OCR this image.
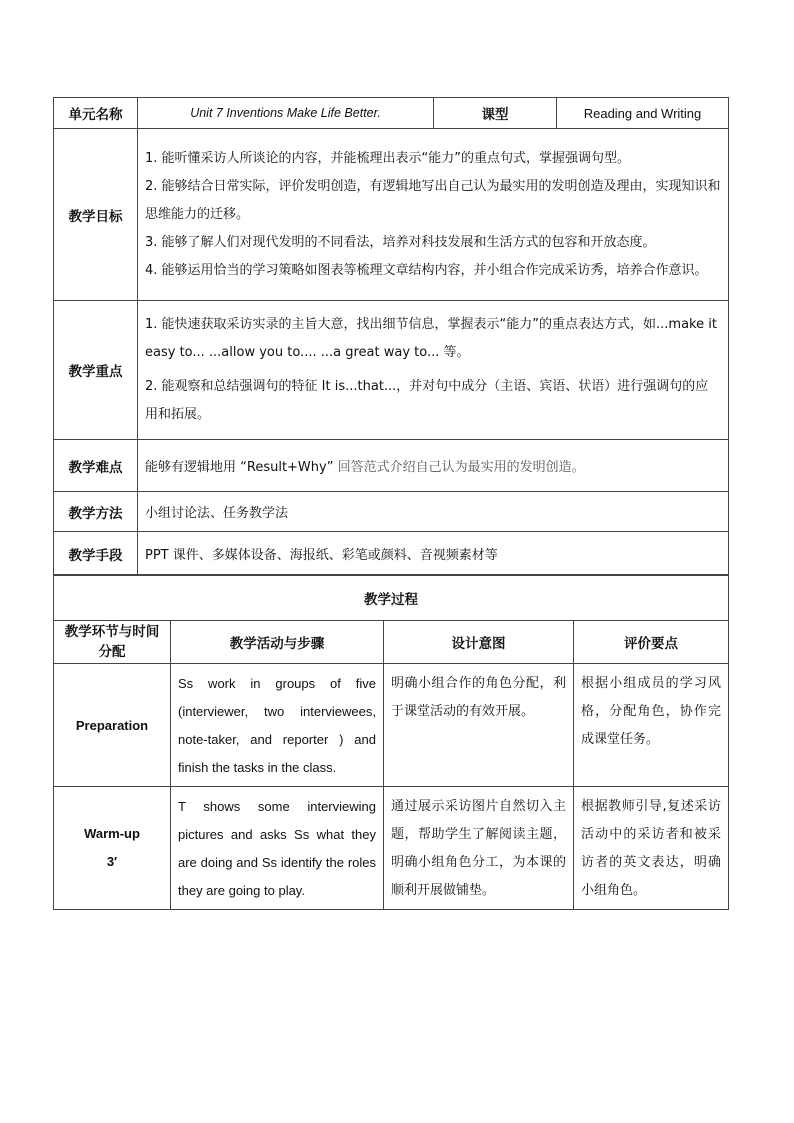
单元名称	Unit 7 Inventions Make Life Better.	课型	Reading and Writing
教学目标	1. 能听懂采访人所谈论的内容，并能梳理出表示“能力”的重点句式，掌握强调句型。
2. 能够结合日常实际，评价发明创造，有逻辑地写出自己认为最实用的发明创造及理由，实现知识和思维能力的迁移。
3. 能够了解人们对现代发明的不同看法，培养对科技发展和生活方式的包容和开放态度。
4. 能够运用恰当的学习策略如图表等梳理文章结构内容，并小组合作完成采访秀，培养合作意识。		

教学重点	1. 能快速获取采访实录的主旨大意，找出细节信息，掌握表示“能力”的重点表达方式，如...make it easy to... ...allow you to.... ...a great way to... 等。
2. 能观察和总结强调句的特征 It is...that...，并对句中成分（主语、宾语、状语）进行强调句的应用和拓展。		

教学难点	能够有逻辑地用 “Result+Why” 回答范式介绍自己认为最实用的发明创造。		
教学方法	小组讨论法、任务教学法		
教学手段	PPT 课件、多媒体设备、海报纸、彩笔或颜料、音视频素材等		
教学过程			
教学环节与时间分配	教学活动与步骤	设计意图	评价要点
Preparation	Ss work in groups of five (interviewer, two interviewees, note-taker, and reporter ) and finish the tasks in the class.	明确小组合作的角色分配，利于课堂活动的有效开展。	根据小组成员的学习风格，分配角色，协作完成课堂任务。

Warm-up
3′	T shows some interviewing pictures and asks Ss what they are doing and Ss identify the roles they are going to play.	通过展示采访图片自然切入主题，帮助学生了解阅读主题，明确小组角色分工，为本课的顺利开展做铺垫。	根据教师引导,复述采访活动中的采访者和被采访者的英文表达，明确小组角色。
